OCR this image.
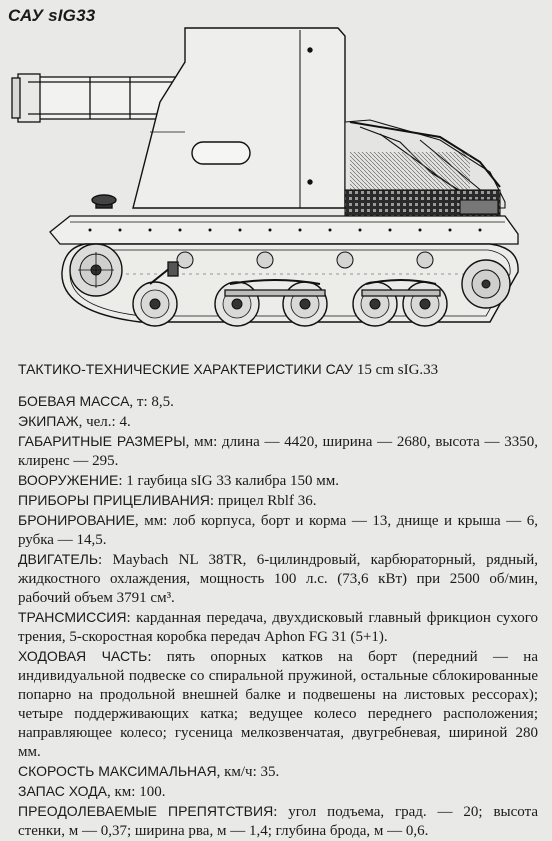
САУ sIG33
ТАКТИКО-ТЕХНИЧЕСКИЕ ХАРАКТЕРИСТИКИ САУ 15 cm sIG.33

БОЕВАЯ МАССА, т: 8,5.

ЭКИПАЖ, чел.: 4.

ГАБАРИТНЫЕ РАЗМЕРЫ, мм: длина — 4420, ширина — 2680, высота — 3350, клиренс — 295.

ВООРУЖЕНИЕ: 1 гаубица sIG 33 калибра 150 мм.

ПРИБОРЫ ПРИЦЕЛИВАНИЯ: прицел Rblf 36.

БРОНИРОВАНИЕ, мм: лоб корпуса, борт и корма — 13, днище и крыша — 6, рубка — 14,5.

ДВИГАТЕЛЬ: Maybach NL 38TR, 6-цилиндровый, карбюраторный, рядный, жидкостного охлаждения, мощность 100 л.с. (73,6 кВт) при 2500 об/мин, рабочий объем 3791 см³.

ТРАНСМИССИЯ: карданная передача, двухдисковый главный фрикцион сухого трения, 5-скоростная коробка передач Aphon FG 31 (5+1).

ХОДОВАЯ ЧАСТЬ: пять опорных катков на борт (передний — на индивидуальной подвеске со спиральной пружиной, остальные сблокированные попарно на продольной внешней балке и подвешены на листовых рессорах); четыре поддерживающих катка; ведущее колесо переднего расположения; направляющее колесо; гусеница мелкозвенчатая, двугребневая, шириной 280 мм.

СКОРОСТЬ МАКСИМАЛЬНАЯ, км/ч: 35.

ЗАПАС ХОДА, км: 100.

ПРЕОДОЛЕВАЕМЫЕ ПРЕПЯТСТВИЯ: угол подъема, град. — 20; высота стенки, м — 0,37; ширина рва, м — 1,4; глубина брода, м — 0,6.
